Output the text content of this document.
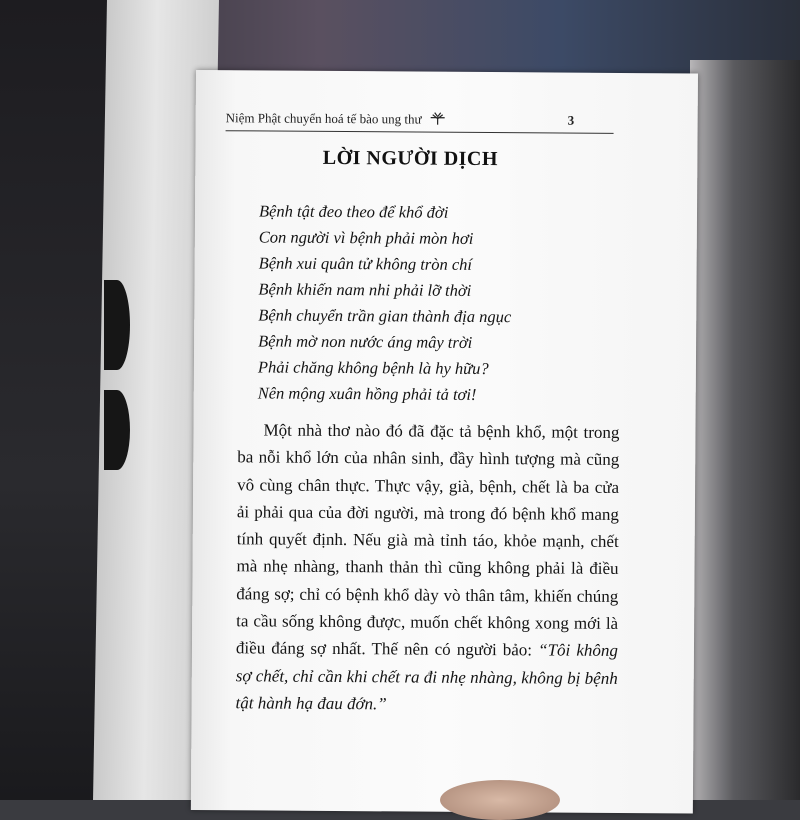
Niệm Phật chuyển hoá tế bào ung thư	3
LỜI NGƯỜI DỊCH
Bệnh tật đeo theo để khổ đời
Con người vì bệnh phải mòn hơi
Bệnh xui quân tử không tròn chí
Bệnh khiến nam nhi phải lỡ thời
Bệnh chuyển trần gian thành địa ngục
Bệnh mờ non nước áng mây trời
Phải chăng không bệnh là hy hữu?
Nên mộng xuân hồng phải tả tơi!
Một nhà thơ nào đó đã đặc tả bệnh khổ, một trong ba nỗi khổ lớn của nhân sinh, đầy hình tượng mà cũng vô cùng chân thực. Thực vậy, già, bệnh, chết là ba cửa ải phải qua của đời người, mà trong đó bệnh khổ mang tính quyết định. Nếu già mà tỉnh táo, khỏe mạnh, chết mà nhẹ nhàng, thanh thản thì cũng không phải là điều đáng sợ; chỉ có bệnh khổ dày vò thân tâm, khiến chúng ta cầu sống không được, muốn chết không xong mới là điều đáng sợ nhất. Thế nên có người bảo: “Tôi không sợ chết, chỉ cần khi chết ra đi nhẹ nhàng, không bị bệnh tật hành hạ đau đớn.”
